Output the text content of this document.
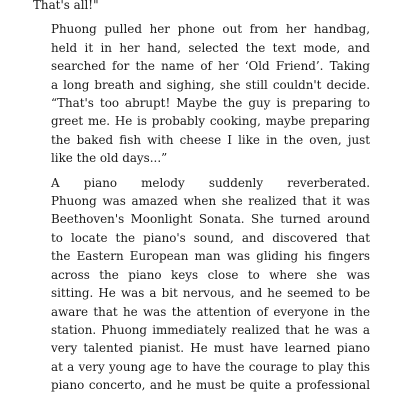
That's all!"

Phuong pulled her phone out from her handbag,
held it in her hand, selected the text mode, and
searched for the name of her ‘Old Friend’. Taking
a long breath and sighing, she still couldn't decide.
“That's too abrupt! Maybe the guy is preparing to
greet me. He is probably cooking, maybe preparing
the baked fish with cheese I like in the oven, just
like the old days...”

A piano melody suddenly reverberated.
Phuong was amazed when she realized that it was
Beethoven's Moonlight Sonata. She turned around
to locate the piano's sound, and discovered that
the Eastern European man was gliding his fingers
across the piano keys close to where she was
sitting. He was a bit nervous, and he seemed to be
aware that he was the attention of everyone in the
station. Phuong immediately realized that he was a
very talented pianist. He must have learned piano
at a very young age to have the courage to play this
piano concerto, and he must be quite a professional
